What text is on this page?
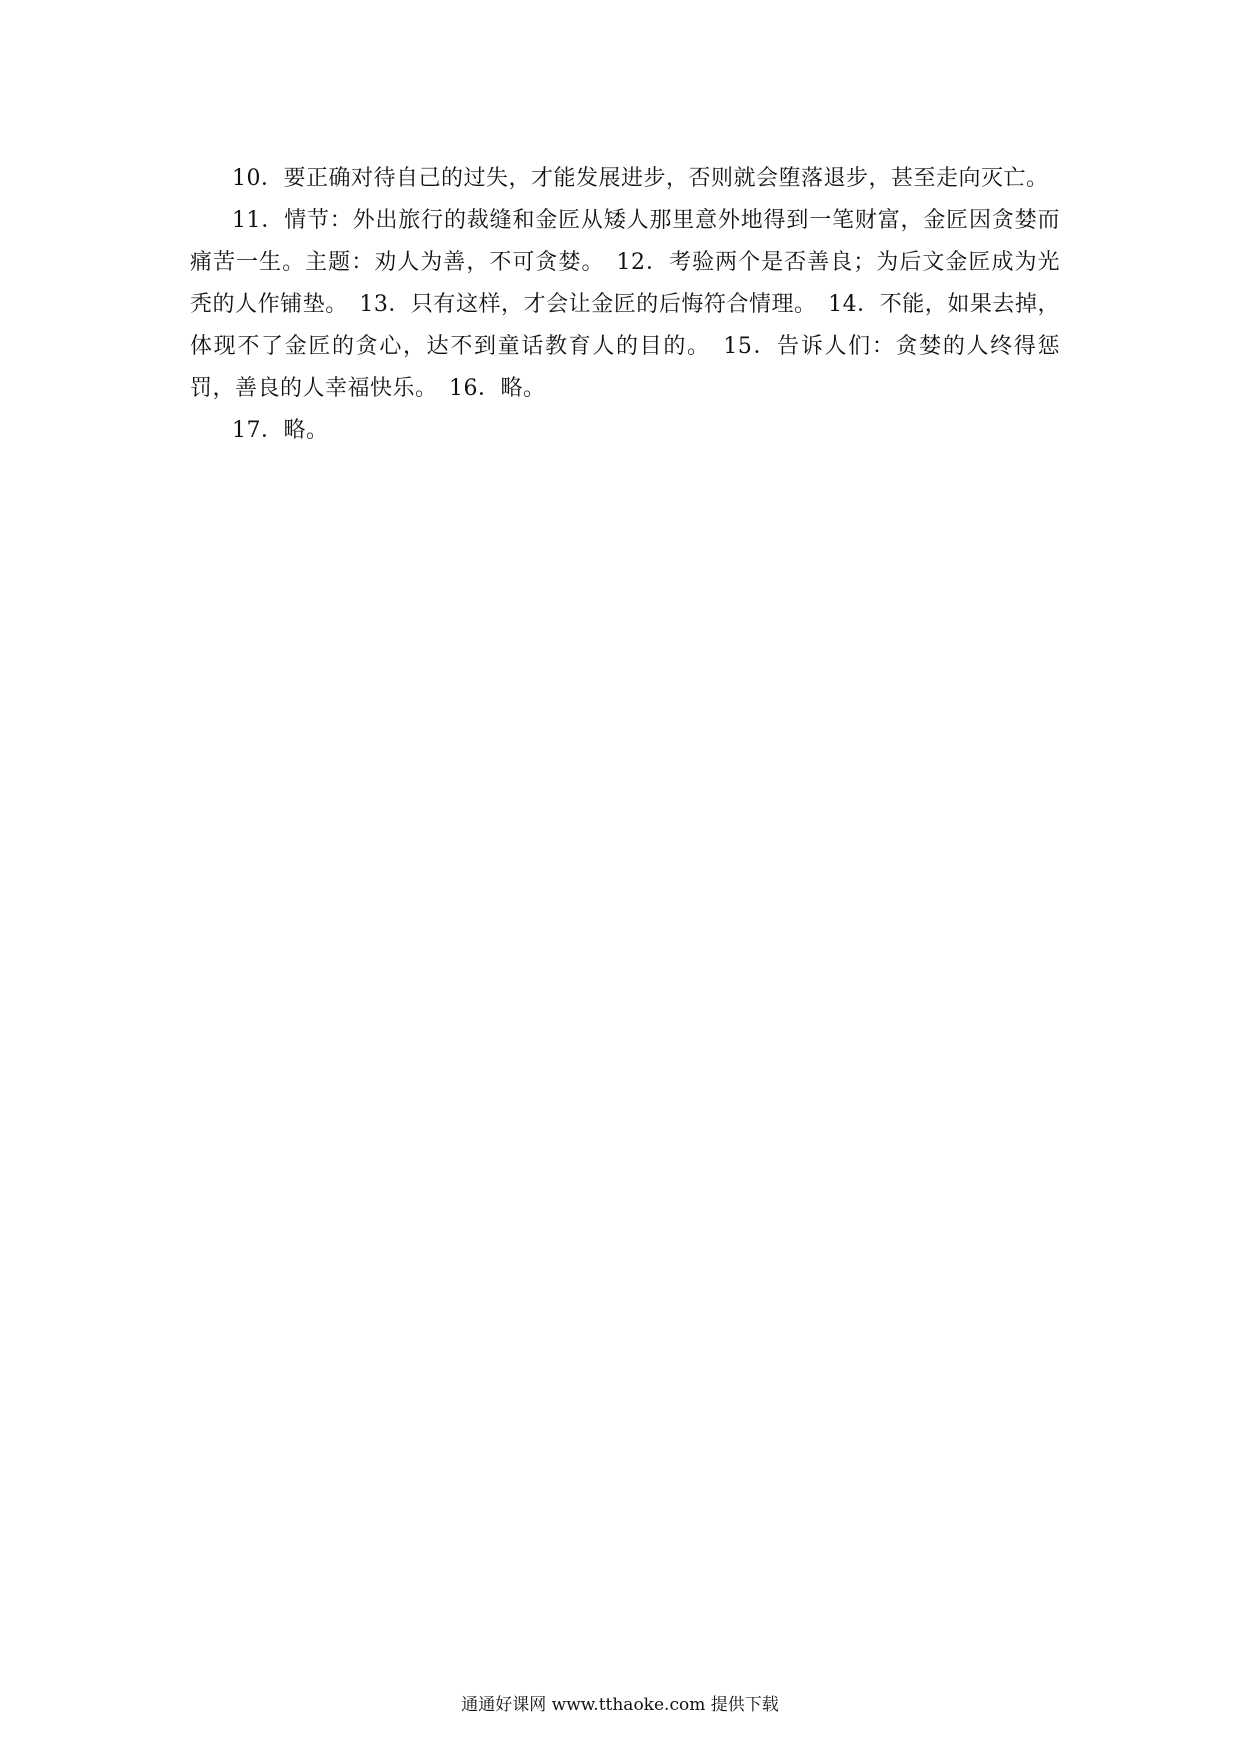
10．要正确对待自己的过失，才能发展进步，否则就会堕落退步，甚至走向灭亡。

11．情节：外出旅行的裁缝和金匠从矮人那里意外地得到一笔财富，金匠因贪婪而痛苦一生。主题：劝人为善，不可贪婪。　12．考验两个是否善良；为后文金匠成为光秃的人作铺垫。　13．只有这样，才会让金匠的后悔符合情理。　14．不能，如果去掉，体现不了金匠的贪心，达不到童话教育人的目的。　15．告诉人们：贪婪的人终得惩罚，善良的人幸福快乐。　16．略。

17．略。

通通好课网 www.tthaoke.com 提供下载
